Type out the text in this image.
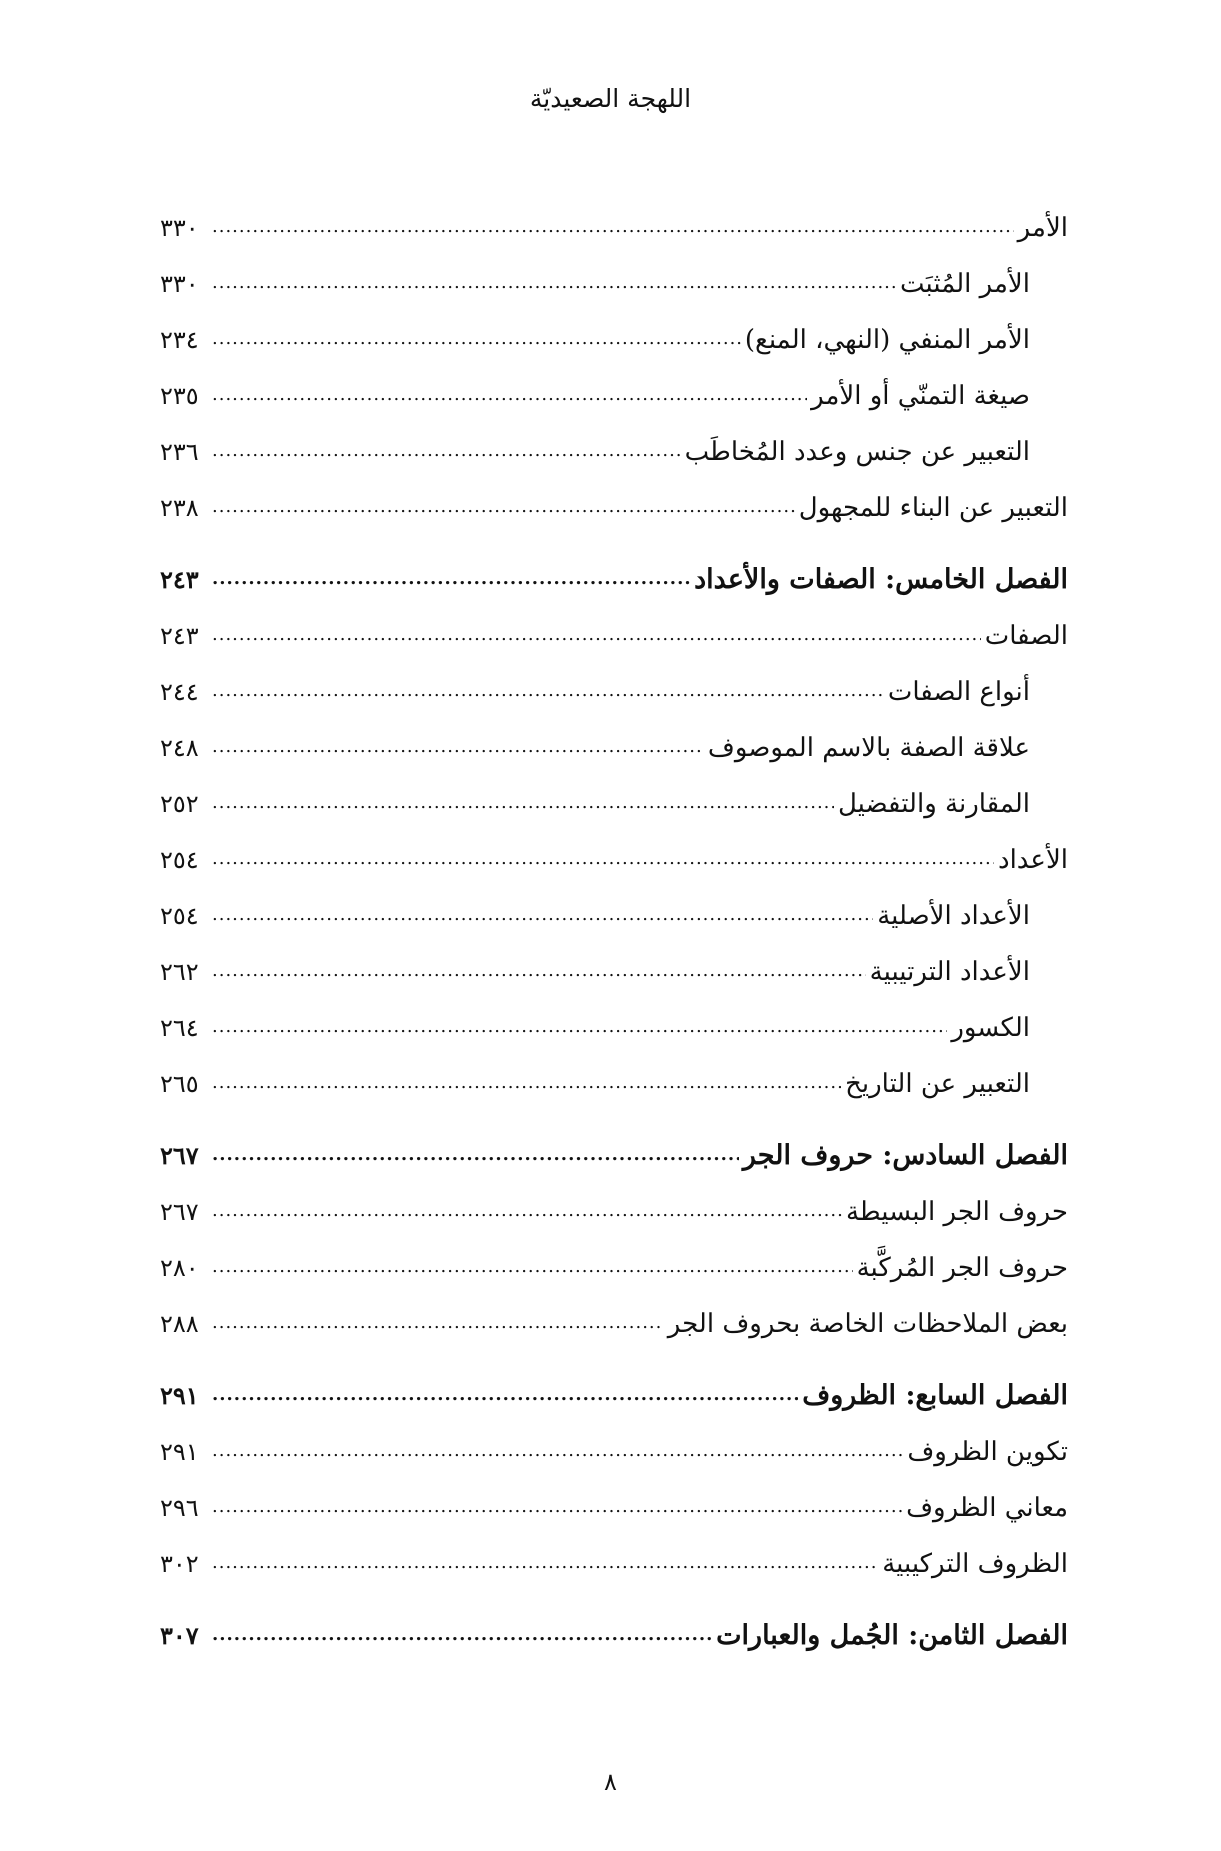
اللهجة الصعيديّة
الأمر
.....
٣٣٠
الأمر المُثبَت
.....
٣٣٠
الأمر المنفي (النهي، المنع)
.....
٢٣٤
صيغة التمنّي أو الأمر
.....
٢٣٥
التعبير عن جنس وعدد المُخاطَب
.....
٢٣٦
التعبير عن البناء للمجهول
.....
٢٣٨
الفصل الخامس: الصفات والأعداد
.....
٢٤٣
الصفات
.....
٢٤٣
أنواع الصفات
.....
٢٤٤
علاقة الصفة بالاسم الموصوف
.....
٢٤٨
المقارنة والتفضيل
.....
٢٥٢
الأعداد
.....
٢٥٤
الأعداد الأصلية
.....
٢٥٤
الأعداد الترتيبية
.....
٢٦٢
الكسور
.....
٢٦٤
التعبير عن التاريخ
.....
٢٦٥
الفصل السادس: حروف الجر
.....
٢٦٧
حروف الجر البسيطة
.....
٢٦٧
حروف الجر المُركَّبة
.....
٢٨٠
بعض الملاحظات الخاصة بحروف الجر
.....
٢٨٨
الفصل السابع: الظروف
.....
٢٩١
تكوين الظروف
.....
٢٩١
معاني الظروف
.....
٢٩٦
الظروف التركيبية
.....
٣٠٢
الفصل الثامن: الجُمل والعبارات
.....
٣٠٧
٨
